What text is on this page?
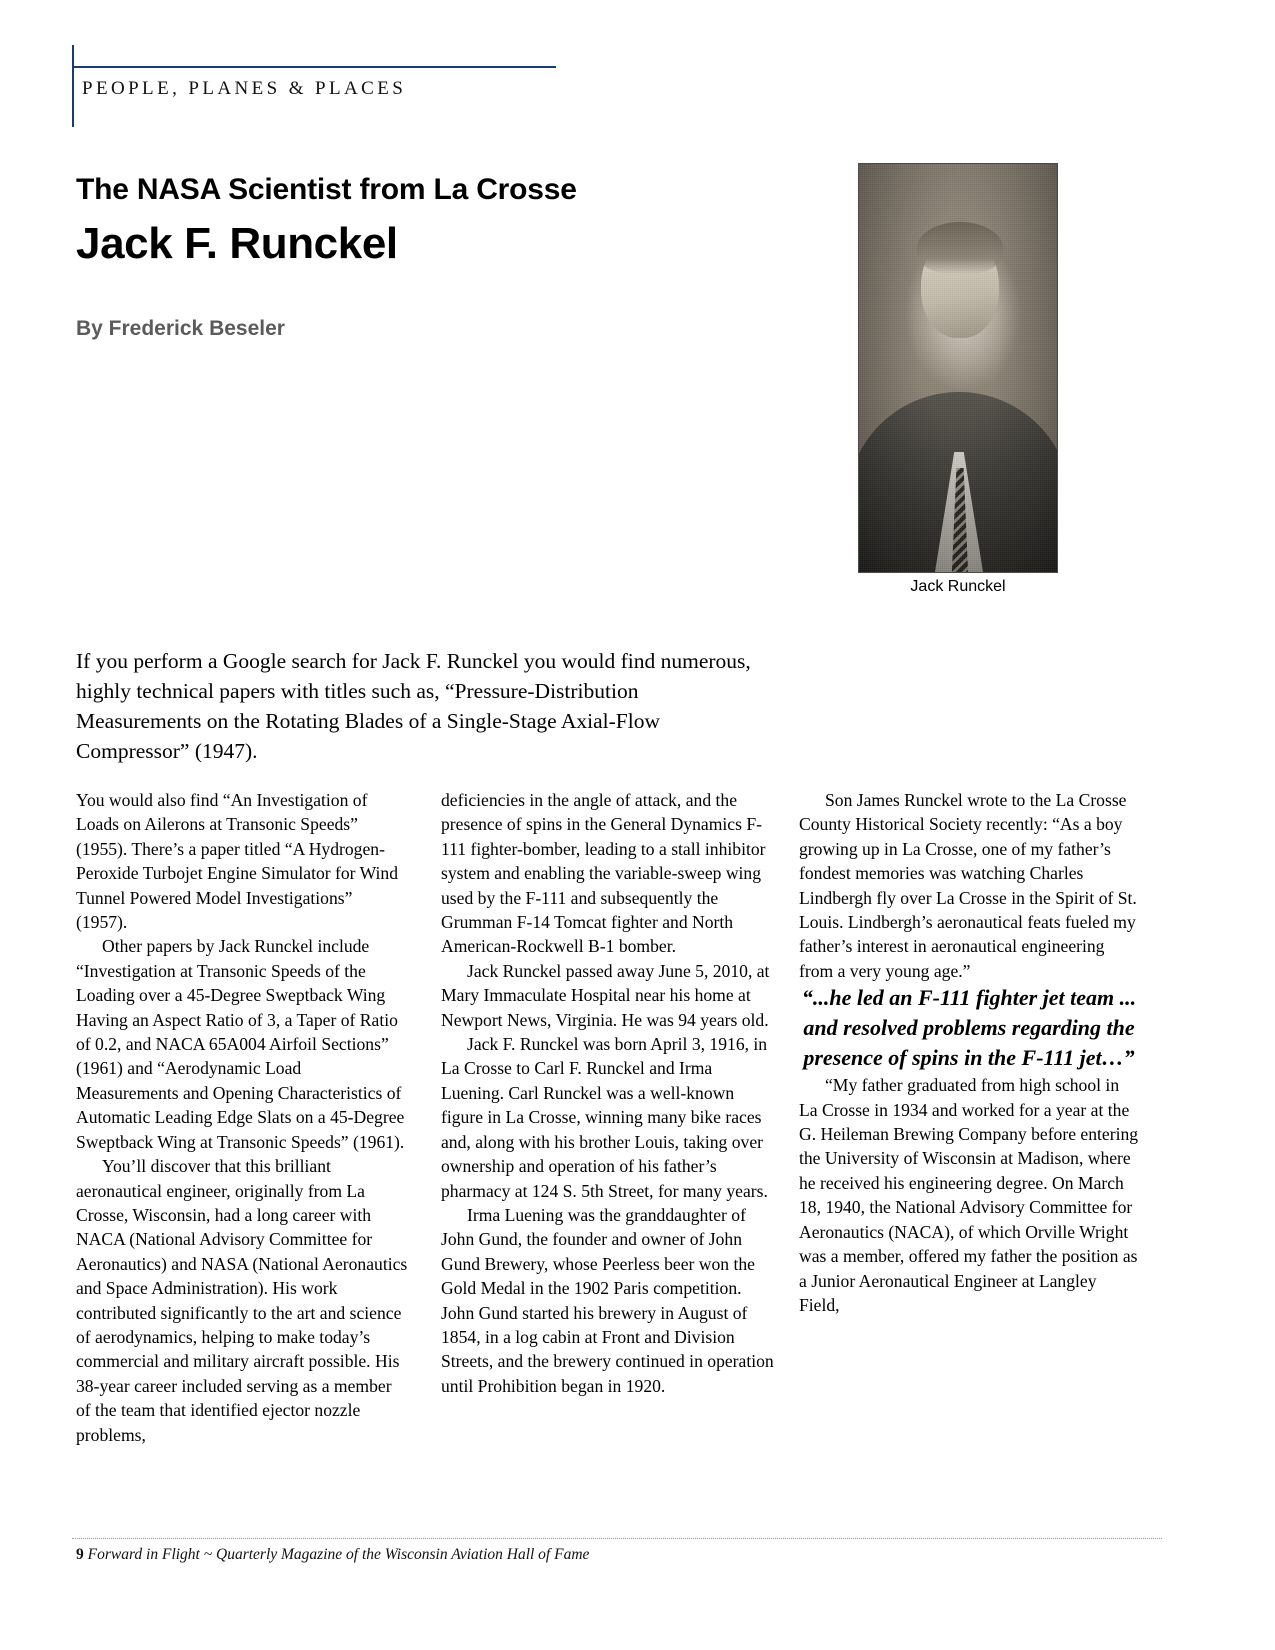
PEOPLE, PLANES & PLACES
The NASA Scientist from La Crosse
Jack F. Runckel
By Frederick Beseler
Jack Runckel
If you perform a Google search for Jack F. Runckel you would find numerous, highly technical papers with titles such as, “Pressure-Distribution Measurements on the Rotating Blades of a Single-Stage Axial-Flow Compressor” (1947).

You would also find “An Investigation of Loads on Ailerons at Transonic Speeds” (1955). There’s a paper titled “A Hydrogen-Peroxide Turbojet Engine Simulator for Wind Tunnel Powered Model Investigations” (1957).

Other papers by Jack Runckel include “Investigation at Transonic Speeds of the Loading over a 45-Degree Sweptback Wing Having an Aspect Ratio of 3, a Taper of Ratio of 0.2, and NACA 65A004 Airfoil Sections” (1961) and “Aerodynamic Load Measurements and Opening Characteristics of Automatic Leading Edge Slats on a 45-Degree Sweptback Wing at Transonic Speeds” (1961).

You’ll discover that this brilliant aeronautical engineer, originally from La Crosse, Wisconsin, had a long career with NACA (National Advisory Committee for Aeronautics) and NASA (National Aeronautics and Space Administration). His work contributed significantly to the art and science of aerodynamics, helping to make today’s commercial and military aircraft possible. His 38-year career included serving as a member of the team that identified ejector nozzle problems,

deficiencies in the angle of attack, and the presence of spins in the General Dynamics F-111 fighter-bomber, leading to a stall inhibitor system and enabling the variable-sweep wing used by the F-111 and subsequently the Grumman F-14 Tomcat fighter and North American-Rockwell B-1 bomber.

Jack Runckel passed away June 5, 2010, at Mary Immaculate Hospital near his home at Newport News, Virginia. He was 94 years old.

Jack F. Runckel was born April 3, 1916, in La Crosse to Carl F. Runckel and Irma Luening. Carl Runckel was a well-known figure in La Crosse, winning many bike races and, along with his brother Louis, taking over ownership and operation of his father’s pharmacy at 124 S. 5th Street, for many years.

Irma Luening was the granddaughter of John Gund, the founder and owner of John Gund Brewery, whose Peerless beer won the Gold Medal in the 1902 Paris competition. John Gund started his brewery in August of 1854, in a log cabin at Front and Division Streets, and the brewery continued in operation until Prohibition began in 1920.

Son James Runckel wrote to the La Crosse County Historical Society recently: “As a boy growing up in La Crosse, one of my father’s fondest memories was watching Charles Lindbergh fly over La Crosse in the Spirit of St. Louis. Lindbergh’s aeronautical feats fueled my father’s interest in aeronautical engineering from a very young age.”

“...he led an F-111 fighter jet team ... and resolved problems regarding the presence of spins in the F-111 jet…”

“My father graduated from high school in La Crosse in 1934 and worked for a year at the G. Heileman Brewing Company before entering the University of Wisconsin at Madison, where he received his engineering degree. On March 18, 1940, the National Advisory Committee for Aeronautics (NACA), of which Orville Wright was a member, offered my father the position as a Junior Aeronautical Engineer at Langley Field,

9 Forward in Flight ~ Quarterly Magazine of the Wisconsin Aviation Hall of Fame
